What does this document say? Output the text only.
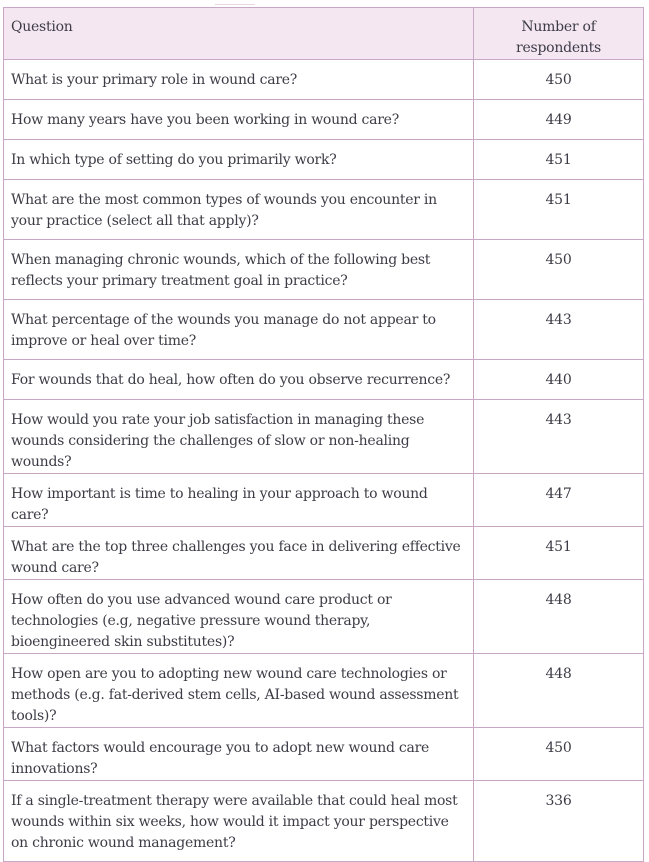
Question	Number of respondents
What is your primary role in wound care?	450
How many years have you been working in wound care?	449
In which type of setting do you primarily work?	451
What are the most common types of wounds you encounter in your practice (select all that apply)?	451
When managing chronic wounds, which of the following best reflects your primary treatment goal in practice?	450
What percentage of the wounds you manage do not appear to improve or heal over time?	443
For wounds that do heal, how often do you observe recurrence?	440
How would you rate your job satisfaction in managing these wounds considering the challenges of slow or non-healing wounds?	443
How important is time to healing in your approach to wound care?	447
What are the top three challenges you face in delivering effective wound care?	451
How often do you use advanced wound care product or technologies (e.g, negative pressure wound therapy, bioengineered skin substitutes)?	448
How open are you to adopting new wound care technologies or methods (e.g. fat-derived stem cells, AI-based wound assessment tools)?	448
What factors would encourage you to adopt new wound care innovations?	450
If a single-treatment therapy were available that could heal most wounds within six weeks, how would it impact your perspective on chronic wound management?	336
